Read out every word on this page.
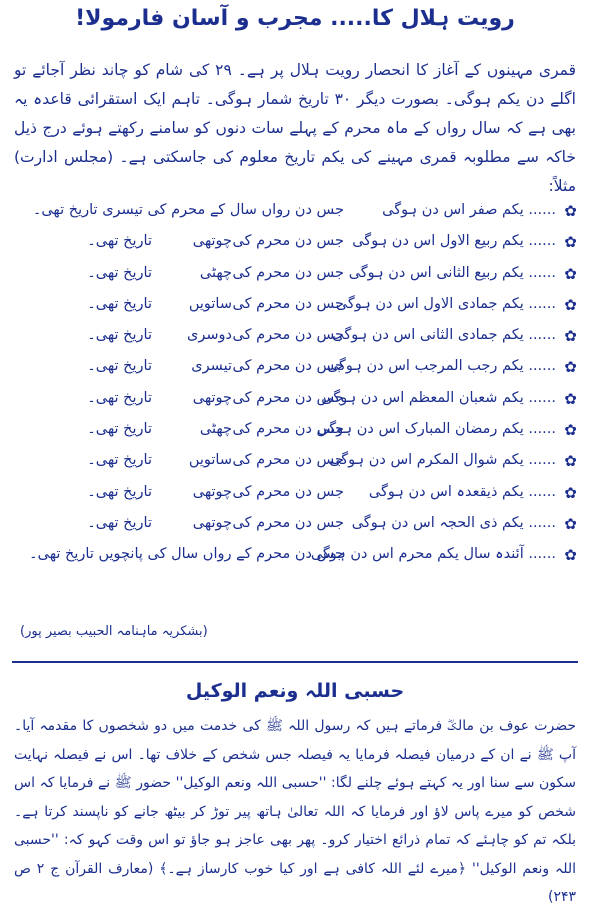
رویت ہلال کا..... مجرب و آسان فارمولا!
قمری مہینوں کے آغاز کا انحصار رویت ہلال پر ہے۔ ۲۹ کی شام کو چاند نظر آجائے تو اگلے دن یکم ہوگی۔ بصورت دیگر ۳۰ تاریخ شمار ہوگی۔ تاہم ایک استقرائی قاعدہ یہ بھی ہے کہ سال رواں کے ماہ محرم کے پہلے سات دنوں کو سامنے رکھتے ہوئے درج ذیل خاکہ سے مطلوبہ قمری مہینے کی یکم تاریخ معلوم کی جاسکتی ہے۔ (مجلس ادارت) مثلاً:
✿
...... یکم صفر اس دن ہوگی
جس دن رواں سال کے محرم کی تیسری تاریخ تھی۔
✿
...... یکم ربیع الاول اس دن ہوگی
جس دن محرم کی
چوتھی
تاریخ تھی۔
✿
...... یکم ربیع الثانی اس دن ہوگی
جس دن محرم کی
چھٹی
تاریخ تھی۔
✿
...... یکم جمادی الاول اس دن ہوگی
جس دن محرم کی
ساتویں
تاریخ تھی۔
✿
...... یکم جمادی الثانی اس دن ہوگی
جس دن محرم کی
دوسری
تاریخ تھی۔
✿
...... یکم رجب المرجب اس دن ہوگی
جس دن محرم کی
تیسری
تاریخ تھی۔
✿
...... یکم شعبان المعظم اس دن ہوگی
جس دن محرم کی
چوتھی
تاریخ تھی۔
✿
...... یکم رمضان المبارک اس دن ہوگی
جس دن محرم کی
چھٹی
تاریخ تھی۔
✿
...... یکم شوال المکرم اس دن ہوگی
جس دن محرم کی
ساتویں
تاریخ تھی۔
✿
...... یکم ذیقعدہ اس دن ہوگی
جس دن محرم کی
چوتھی
تاریخ تھی۔
✿
...... یکم ذی الحجہ اس دن ہوگی
جس دن محرم کی
چوتھی
تاریخ تھی۔
✿
...... آئندہ سال یکم محرم اس دن ہوگی
جس دن محرم کے رواں سال کی پانچویں تاریخ تھی۔
(بشکریہ ماہنامہ الحبیب بصیر پور)
حسبی اللہ ونعم الوکیل
حضرت عوف بن مالکؓ فرماتے ہیں کہ رسول اللہ ﷺ کی خدمت میں دو شخصوں کا مقدمہ آیا۔ آپ ﷺ نے ان کے درمیان فیصلہ فرمایا یہ فیصلہ جس شخص کے خلاف تھا۔ اس نے فیصلہ نہایت سکون سے سنا اور یہ کہتے ہوئے چلنے لگا: ''حسبی اللہ ونعم الوکیل'' حضور ﷺ نے فرمایا کہ اس شخص کو میرے پاس لاؤ اور فرمایا کہ اللہ تعالیٰ ہاتھ پیر توڑ کر بیٹھ جانے کو ناپسند کرتا ہے۔ بلکہ تم کو چاہئے کہ تمام ذرائع اختیار کرو۔ پھر بھی عاجز ہو جاؤ تو اس وقت کہو کہ: ''حسبی اللہ ونعم الوکیل'' ﴿میرے لئے اللہ کافی ہے اور کیا خوب کارساز ہے۔﴾ (معارف القرآن ج ۲ ص ۲۴۳)
